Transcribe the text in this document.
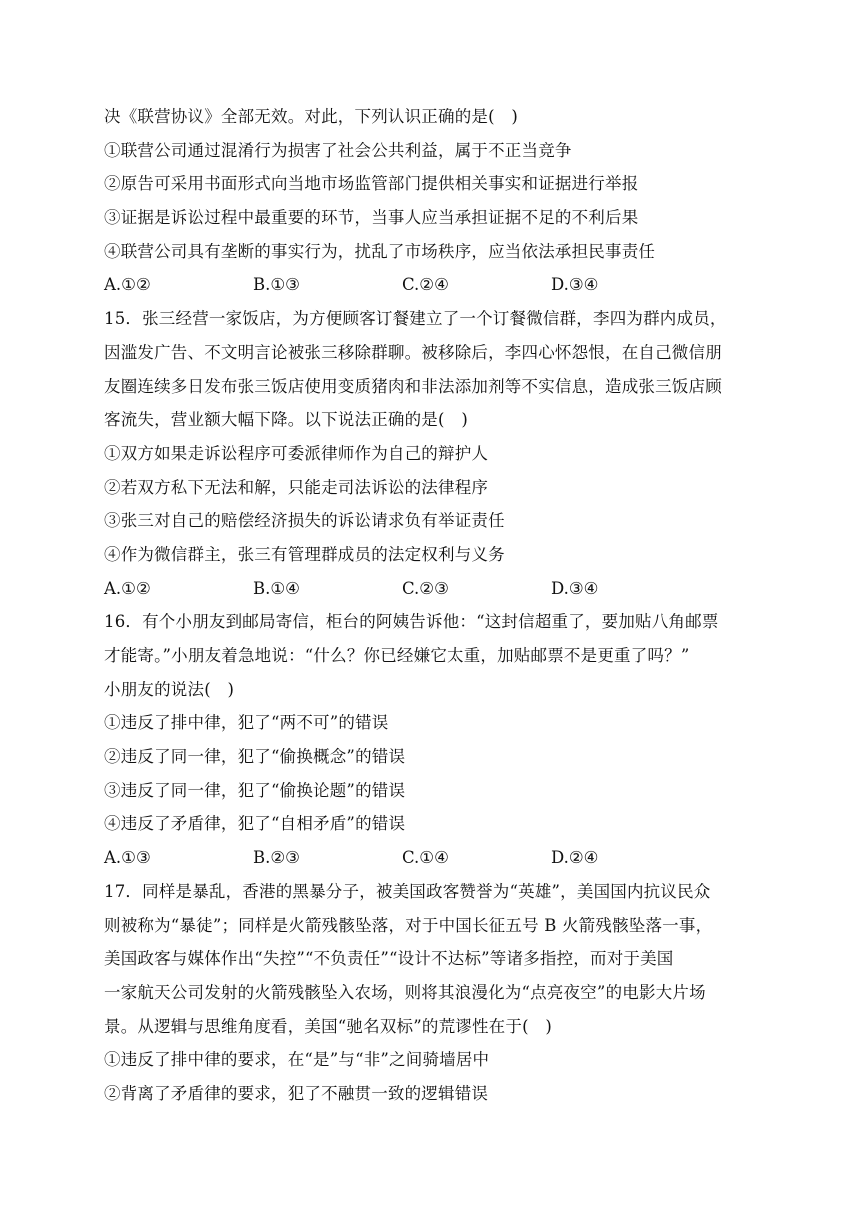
决《联营协议》全部无效。对此，下列认识正确的是(　)
①联营公司通过混淆行为损害了社会公共利益，属于不正当竞争
②原告可采用书面形式向当地市场监管部门提供相关事实和证据进行举报
③证据是诉讼过程中最重要的环节，当事人应当承担证据不足的不利后果
④联营公司具有垄断的事实行为，扰乱了市场秩序，应当依法承担民事责任
A.①②	B.①③	C.②④	D.③④
15．张三经营一家饭店，为方便顾客订餐建立了一个订餐微信群，李四为群内成员，
因滥发广告、不文明言论被张三移除群聊。被移除后，李四心怀怨恨，在自己微信朋
友圈连续多日发布张三饭店使用变质猪肉和非法添加剂等不实信息，造成张三饭店顾
客流失，营业额大幅下降。以下说法正确的是(　)
①双方如果走诉讼程序可委派律师作为自己的辩护人
②若双方私下无法和解，只能走司法诉讼的法律程序
③张三对自己的赔偿经济损失的诉讼请求负有举证责任
④作为微信群主，张三有管理群成员的法定权利与义务
A.①②	B.①④	C.②③	D.③④
16．有个小朋友到邮局寄信，柜台的阿姨告诉他：“这封信超重了，要加贴八角邮票
才能寄。”小朋友着急地说：“什么？你已经嫌它太重，加贴邮票不是更重了吗？”
小朋友的说法(　)
①违反了排中律，犯了“两不可”的错误
②违反了同一律，犯了“偷换概念”的错误
③违反了同一律，犯了“偷换论题”的错误
④违反了矛盾律，犯了“自相矛盾”的错误
A.①③	B.②③	C.①④	D.②④
17．同样是暴乱，香港的黑暴分子，被美国政客赞誉为“英雄”，美国国内抗议民众
则被称为“暴徒”；同样是火箭残骸坠落，对于中国长征五号 B 火箭残骸坠落一事，
美国政客与媒体作出“失控”“不负责任”“设计不达标”等诸多指控，而对于美国
一家航天公司发射的火箭残骸坠入农场，则将其浪漫化为“点亮夜空”的电影大片场
景。从逻辑与思维角度看，美国“驰名双标”的荒谬性在于(　)
①违反了排中律的要求，在“是”与“非”之间骑墙居中
②背离了矛盾律的要求，犯了不融贯一致的逻辑错误
